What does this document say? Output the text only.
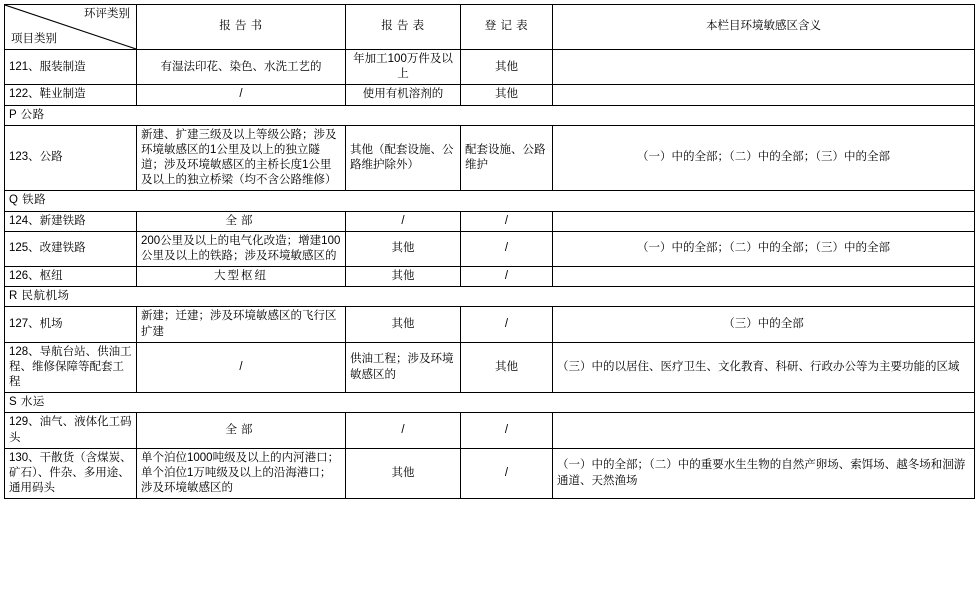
环评类别
项目类别	报 告 书	报 告 表	登 记 表	本栏目环境敏感区含义
121、服装制造	有湿法印花、染色、水洗工艺的	年加工100万件及以上	其他	
122、鞋业制造	/	使用有机溶剂的	其他	
P 公路				
123、公路	新建、扩建三级及以上等级公路；涉及环境敏感区的1公里及以上的独立隧道；涉及环境敏感区的主桥长度1公里及以上的独立桥梁（均不含公路维修）	其他（配套设施、公路维护除外）	配套设施、公路维护	（一）中的全部；（二）中的全部；（三）中的全部
Q 铁路				
124、新建铁路	全部	/	/	
125、改建铁路	200公里及以上的电气化改造；增建100公里及以上的铁路；涉及环境敏感区的	其他	/	（一）中的全部；（二）中的全部；（三）中的全部
126、枢纽	大型枢纽	其他	/	
R 民航机场				
127、机场	新建；迁建；涉及环境敏感区的飞行区扩建	其他	/	（三）中的全部
128、导航台站、供油工程、维修保障等配套工程	/	供油工程；涉及环境敏感区的	其他	（三）中的以居住、医疗卫生、文化教育、科研、行政办公等为主要功能的区域
S 水运				
129、油气、液体化工码头	全部	/	/	
130、干散货（含煤炭、矿石）、件杂、多用途、通用码头	单个泊位1000吨级及以上的内河港口；单个泊位1万吨级及以上的沿海港口；涉及环境敏感区的	其他	/	（一）中的全部；（二）中的重要水生生物的自然产卵场、索饵场、越冬场和洄游通道、天然渔场
